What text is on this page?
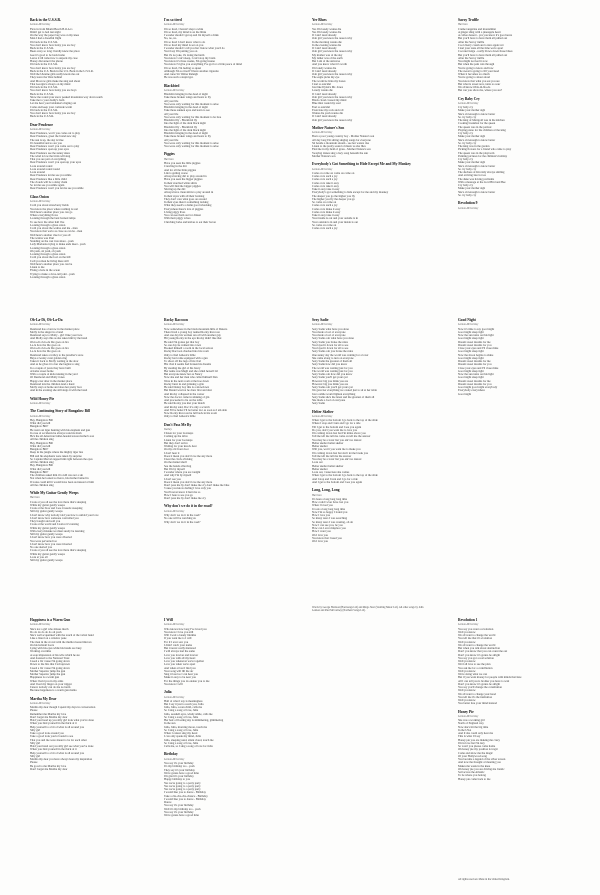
Back in the U.S.S.R.
Lennon-McCartney
Flew in from Miami Beach B.O.A.C.
Didn't get to bed last night
On the way the paper bag was on my knee
Man I had a dreadful flight
I'm back in the U.S.S.R.
You don't know how lucky you are boy
Back in the U.S.S.R.
Been away so long I hardly knew the place
Gee it's good to be back home
Leave it till tomorrow to unpack my case
Honey disconnect the phone
I'm back in the U.S.S.R.
You don't know how lucky you are boy
Back in the U.S. Back in the U.S. Back in the U.S.S.R.
Well the Ukraine girls really knock me out
They leave the West behind
And Moscow girls make me sing and shout
That Georgia's always on my mind
I'm back in the U.S.S.R.
You don't know how lucky you are boys
Back in the U.S.S.R.
Show me round your snow peaked mountains way down south
Take me to your daddy's farm
Let me hear your balalaika's ringing out
Come and keep your comrade warm
I'm back in the U.S.S.R.
You don't know how lucky you are boy
Back in the U.S.S.R.
Dear Prudence
Lennon-McCartney
Dear Prudence, won't you come out to play
Dear Prudence, greet the brand new day
The sun is up, the sky is blue
It's beautiful and so are you
Dear Prudence won't you come out to play
Dear Prudence open up your eyes
Dear Prudence see the sunny skies
The wind is low the birds will sing
That you are part of everything
Dear Prudence won't you open up your eyes
Look around round
Look around round round
Look around
Dear Prudence let me see you smile
Dear Prudence like a little child
The clouds will be a daisy chain
So let me see you smile again
Dear Prudence won't you let me see you smile
Glass Onion
Lennon-McCartney
I told you about strawberry fields
You know the place where nothing is real
Well here's another place you can go
Where everything flows
Looking through the bent backed tulips
To see how the other half live
Looking through a glass onion
I told you about the walrus and me - man
You know that we're as close as can be - man
Well here's another clue for you all
The walrus was Paul
Standing on the cast iron shore - yeah
Lady Madonna trying to make ends meet - yeah
Looking through a glass onion
Oh yeah, oh yeah, oh yeah
Looking through a glass onion
I told you about the fool on the hill
I tell you man he living there still
Well here's another place you can be
Listen to me
Fixing a hole in the ocean
Trying to make a dove-tail joint - yeah
Looking through a glass onion
I'm so tired
Lennon-McCartney
I'm so tired, I haven't slept a wink
I'm so tired, my mind is on the blink
I wonder should I get up and fix myself a drink
No, no, no.
I'm so tired I don't know what to do
I'm so tired my mind is set on you
I wonder should I call you but I know what you'd do
You'd say I'm putting you on
But it's no joke, it's doing me harm
You know I can't sleep, I can't stop my brain
You know it's three weeks, I'm going insane
You know I'd give you everything I've got for a little peace of mind
I'm so tired, I'm feeling so upset
Although I'm so tired I'll have another cigarette
And curse Sir Walter Raleigh
He was such a stupid get.
Blackbird
Lennon-McCartney
Blackbird singing in the dead of night
Take these broken wings and learn to fly
All your life
You were only waiting for this moment to arise
Blackbird singing in the dead of night
Take these sunken eyes and learn to see
All your life
You were only waiting for this moment to be free
Blackbird fly - Blackbird fly
Into the light of the dark black night
Blackbird fly - Blackbird fly
Into the light of the dark black night
Blackbird singing in the dead of night
Take these broken wings and learn to fly
All your life
You were only waiting for this moment to arise
You were only waiting for this moment to arise
Piggies
Harrison
Have you seen the little piggies
Crawling in the dirt
And for all the little piggies
Life is getting worse
Always having dirt to play around in
Have you seen the bigger piggies
In their starched white shirts
You will find the bigger piggies
Stirring up the dirt
Always have clean shirts to play around in
In their styes with all their backing
They don't care what goes on around
In their eyes there's something lacking
What they need's a damn good whacking
Everywhere there's lots of piggies
Living piggy lives
You can see them out for dinner
With their piggy wives
Clutching forks and knives to eat their bacon
Yer Blues
Lennon-McCartney
Yes I'm lonely wanna die
Yes I'm lonely wanna die
If I ain't dead already
Ooh girl you know the reason why
In the morning wanna die
In the evening wanna die
If I ain't dead already
Ooh girl you know the reason why
My mother was of the sky
My father was of the earth
But I am of the universe
And you know what it's worth
I'm lonely wanna die
If I ain't dead already
Ooh girl you know the reason why
The eagle picks my eye
The worm he licks my bones
I feel so suicidal
Just like Dylan's Mr. Jones
Lonely wanna die
If I ain't dead already
Ooh girl you know the reason why
Black cloud crossed my mind
Blue mist round my soul
Feel so suicidal
Even hate my rock and roll
Wanna die yeah wanna die
If I ain't dead already
Ooh girl you know the reason why
Mother Nature's Son
Lennon-McCartney
Born a poor young country boy - Mother Nature's son
All day long I'm sitting singing songs for everyone
Sit beside a mountain stream - see her waters rise
Listen to the pretty sound of music as she flies
Find me in my field of grass - Mother Nature's son
Swaying daises sing a lazy song beneath the sun
Mother Nature's son
Everybody's Got Something to Hide Except Me and My Monkey
Lennon-McCartney
Come on come on come on come on
Come on is such a joy
Come on is such a joy
Come on is take it easy
Come on is take it easy
Take it easy take it easy
Everybody's got something to hide except for me and my monkey
The deeper you go the higher you fly
The higher you fly the deeper you go
So come on come on
Come on is such a joy
Come on is make it easy
Come on is make it easy
Take it easy take it easy
Your inside is out and your outside is in
Your outside is in and your inside is out
So come on come on
Come on is such a joy
Savoy Truffle
Harrison
Creme tangerine and montelimat
A ginger sling with a pineapple heart
A coffee dessert - yes you know it's good news
But you'll have to have them all pulled out
After the Savoy truffle
Cool cherry cream and a nice apple tart
I feel your taste all the time we're apart
Coconut fudge - really blows down those blues
But you'll have to have them all pulled out
After the Savoy truffle
You might not feel it now
But when the pain cuts through
You're going to know and how
The sweat is going to fill your head
When it becomes too much
You're going to shout aloud
You know that what you eat you are
But what is sweet now, turns so sour
We all know Obla-di-bla-da
But can you show me, where you are?
Cry Baby Cry
Lennon-McCartney
Cry baby cry
Make your mother sigh
She's old enough to know better
So cry baby cry
The king of Marigold was in the kitchen
Cooking breakfast for the queen
The queen was in the parlour
Playing piano for the children of the king
Cry baby cry
Make your mother sigh
She's old enough to know better
So cry baby cry
The king was in the garden
Picking flowers for a friend who came to play
The queen was in the playroom
Painting pictures for the children's holiday
Cry baby cry
Make your mother sigh
She's old enough to know better
So cry baby cry
The duchess of Kircaldy always smiling
And arriving late for tea
The duke was having problems
With a message at the local Bird and Bee
Cry baby cry
Make your mother sigh
She's old enough to know better
So cry baby cry
Revolution 9
Lennon-McCartney
Ob-La-Di, Ob-La-Da
Lennon-McCartney
Desmond has a barrow in the market place
Molly is the singer in a band
Desmond says to Molly - girl I like your face
And Molly says this as she takes him by the hand
Ob-la-di ob-la-da life goes on bra
La-la how the life goes on
Ob-la-di ob-la-da life goes on bra
La-la how the life goes on
Desmond takes a trolley to the jeweller's store
Buys a twenty carat golden ring
Takes it back to Molly waiting at the door
And as he gives it to her she begins to sing
In a couple of years they have built
A home sweet home
With a couple of kids running in the yard
Of Desmond and Molly Jones
Happy ever after in the market place
Desmond lets the children lend a hand
Molly stays at home and does her pretty face
And in the evening she still sings it with the band
Wild Honey Pie
Lennon-McCartney
The Continuing Story of Bungalow Bill
Lennon-McCartney
Hey, Bungalow Bill
What did you kill
Bungalow Bill?
He went out tiger hunting with his elephant and gun
In case of accidents he always took his mom
He's the all American bullet-headed saxon mother's son
All the children sing
Hey, Bungalow Bill
What did you kill
Bungalow Bill?
Deep in the jungle where the mighty tiger lies
Bill and his elephants were taken by surprise
So Captain Marvel zapped him right between the eyes
All the children sing
Hey, Bungalow Bill
What did you kill
Bungalow Bill?
The children asked him if to kill was not a sin
Not when he looked so fierce, his mother butted in
If looks could kill it would have been us instead of him
All the children sing
While My Guitar Gently Weeps
Harrison
I look at you all see the love there that's sleeping
While my guitar gently weeps
I look at the floor and I see it needs sweeping
Still my guitar gently weeps
I don't know why nobody told you how to unfold your love
I don't know how someone controlled you
They bought and sold you
I look at the world and I notice it's turning
While my guitar gently weeps
With every mistake we must surely be learning
Still my guitar gently weeps
I don't know how you were diverted
You were perverted too
I don't know how you were inverted
No one alerted you
I look at you all see the love there that's sleeping
While my guitar gently weeps
Look at you all
Still my guitar gently weeps
Rocky Raccoon
Lennon-McCartney
Now somewhere in the black mountain hills of Dakota
There lived a young boy named Rocky Raccoon
And one day his woman ran off with another guy
Hit young Rocky in the eye Rocky didn't like that
He said I'm gonna get that boy
So one day he walked into town
Booked himself a room in the local saloon
Rocky Raccoon checked into his room
Only to find Gideon's bible
Rocky had come equipped with a gun
To shoot off the legs of his rival
His rival it seems had broken his dreams
By stealing the girl of his fancy
Her name was Magil and she called herself Lil
But everyone knew her as Nancy
Now she and her man who called himself Dan
Were in the next room at the hoe down
Rocky burst in and grinning a grin
He said Danny boy this is a showdown
But Daniel was hot he drew first and shot
And Rocky collapsed in the corner
Now the doctor came in stinking of gin
And proceeded to lie on the table
He said Rocky you met your match
And Rocky said, Doc it's only a scratch
And I'll be better I'll be better doc as soon as I am able
Now Rocky Raccoon he fell back in his room
Only to find Gideon's bible
Don't Pass Me By
Starkey
I listen for your footsteps
Coming up the drive
Listen for your footsteps
But they don't arrive
Waiting for your knock dear
On my old front door
I don't hear it
Does it mean you don't love me any more
I hear the clock a'ticking
On the mantel shelf
See the hands a'moving
But I'm by myself
I wonder where you are tonight
And why I'm by myself
I don't see you
Does it mean you don't love me any more
Don't pass me by don't make me cry don't make me blue
'Cause you know darling I love only you
You'll never know it hurt me so
How I hate to see you go
Don't pass me by don't make me cry
Why don't we do it in the road?
Lennon-McCartney
Why don't we do it in the road?
No one will be watching us
Why don't we do it in the road?
Sexy Sadie
Lennon-McCartney
Sexy Sadie what have you done
You made a fool of everyone
You made a fool of everyone
Sexy Sadie ooh what have you done
Sexy Sadie you broke the rules
You layed it down for all to see
You layed it down for all to see
Sexy Sadie ooh you broke the rules
One sunny day the world was waiting for a lover
She came along to turn on everyone
Sexy Sadie the greatest of them all
Sexy Sadie how did you know
The world was waiting just for you
The world was waiting just for you
Sexy Sadie ooh how did you know
Sexy Sadie you'll get yours yet
However big you think you are
However big you think you are
Sexy Sadie ooh you'll get yours yet
We gave her everything we owned just to sit at her table
Just a smile would lighten everything
Sexy Sadie she's the latest and the greatest of them all
She made a fool of everyone
Sexy Sadie
Helter Skelter
Lennon-McCartney
When I get to the bottom I go back to the top of the slide
Where I stop and I turn and I go for a ride
Till I get to the bottom and I see you again
Do you, don't you want me to love you
I'm coming down fast but I'm miles above you
Tell me tell me tell me come on tell me the answer
You may be a lover but you ain't no dancer
Helter skelter helter skelter
Helter skelter
Will you, won't you want me to make you
I'm coming down fast but don't let me break you
Tell me tell me tell me the answer
You may be a lover but you ain't no dancer
Look out
Helter skelter helter skelter
Helter skelter
Look out, 'cause here she comes
When I get to the bottom I go back to the top of the slide
And I stop and I turn and I go for a ride
And I get to the bottom and I see you again
Long, Long, Long
Harrison
It's been a long long long time
How could I ever have lost you
When I loved you
It took a long long long time
Now I'm so happy I found you
How I love you
So many tears I was searching
So many tears I was wasting, oh oh
Now I can see you, be you
How can I ever misplace you
How I want you
Oh I love you
You know that I need you
Oh I love you
Good Night
Lennon-McCartney
Now it's time to say good night
Good night sleep tight
Now the sun turns out his light
Good night sleep tight
Dream sweet dreams for me
Dream sweet dreams for you
Close your eyes and I'll close mine
Good night sleep tight
Now the moon begins to shine
Good night sleep tight
Dream sweet dreams for me
Dream sweet dreams for you
Close your eyes and I'll close mine
Good night sleep tight
Now the sun turns out his light
Good night sleep tight
Dream sweet dreams for me
Dream sweet dreams for you
Good night good night everybody
Everybody everywhere
Good night
Happiness is a Warm Gun
Lennon-McCartney
She's not a girl who misses much
Do do do do do do oh yeah
She's well acquainted with the touch of the velvet hand
Like a lizard on a window pane
The man in the crowd with the multicoloured mirrors
On his hobnail boots
Lying with his eyes while his hands are busy
Working overtime
A soap impression of his wife which he ate
And donated to the National Trust
I need a fix 'cause I'm going down
Down to the bits that I left uptown
I need a fix 'cause I'm going down
Mother Superior jump the gun
Mother Superior jump the gun
Happiness is a warm gun
When I hold you in my arms
And I feel my finger on your trigger
I know nobody can do me no harm
Because happiness is a warm gun mama
Martha My Dear
Lennon-McCartney
Martha my dear though I spend my days in conversation
Please
Remember me Martha my love
Don't forget me Martha my dear
Hold your head up you silly girl look what you've done
When you find yourself in the thick of it
Help yourself to a bit of what is all around you
Silly girl
Take a good look around you
Take a good look you're bound to see
That you and me were meant to be for each other
Silly girl
Hold your hand out you silly girl see what you've done
When you find yourself in the thick of it
Help yourself to a bit of what is all around you
Silly girl
Martha my dear you have always been my inspiration
Please
Be good to me Martha my love
Don't forget me Martha my dear
I Will
Lennon-McCartney
Who knows how long I've loved you
You know I love you still
Will I wait a lonely lifetime
If you want me to I will
For if I ever saw you
I didn't catch your name
But it never really mattered
I will always feel the same
Love you forever and forever
Love you with all my heart
Love you whenever we're together
Love you when we're apart
And when at last I find you
Your song will fill the air
Sing it loud so I can hear you
Make it easy to be near you
For the things you do endear you to me
You know I will
Julia
Lennon-McCartney
Half of what I say is meaningless
But I say it just to reach you, Julia
Julia, Julia, ocean child, calls me
So I sing a song of love, Julia
Julia, seashell eyes, windy smile, calls me
So I sing a song of love, Julia
Her hair of floating sky is shimmering, glimmering
In the sun
Julia, Julia, morning moon, touch me
So I sing a song of love, Julia
When I cannot sing my heart
I can only speak my mind, Julia
Julia, sleeping sand, silent cloud, touch me
So I sing a song of love, Julia
Calls me, so I sing a song of love for Julia
Birthday
Lennon-McCartney
You say it's your birthday
It's my birthday too - yeah
They say it's your birthday
We're gonna have a good time
I'm glad it's your birthday
Happy birthday to you
Yes we're going to a party party
Yes we're going to a party party
Yes we're going to a party party
I would like you to dance - Birthday
Take a cha-cha-cha-chance - Birthday
I would like you to dance - Birthday
Dance
You say it's your birthday
Well it's my birthday too - yeah
You say it's your birthday
We're gonna have a good time
Revolution 1
Lennon-McCartney
You say you want a revolution
Well you know
We all want to change the world
You tell me that it's evolution
Well you know
We all want to change the world
But when you talk about destruction
Don't you know that you can count me out
Don't you know it's gonna be alright
You say you got a real solution
Well you know
We'd all love to see the plan
You ask me for a contribution
Well you know
We're doing what we can
But if you want money for people with minds that hate
All I can tell you is brother you have to wait
Don't you know it's gonna be alright
You say you'll change the constitution
Well you know
We all want to change your head
You tell me it's the institution
Well you know
You better free your mind instead
Honey Pie
Lennon-McCartney
She was a working girl
North of England way
Now she's hit the big time
In the USA
And if she could only hear me
This is what I'd say
Honey pie you are making me crazy
I'm in love but I'm lazy
So won't you please come home
Oh honey pie my position is tragic
Come and show me the magic
Of your Hollywood song
You became a legend of the silver screen
And now the thought of meeting you
Makes me weak in the knee
Oh honey pie you are driving me frantic
Sail across the Atlantic
To be where you belong
Honey pie come back to me
Words by George Harrison (Harrisongs Ltd) and Ringo Starr (Startling Music Ltd). All other songs by John Lennon and Paul McCartney (Northern Songs Ltd).
All rights reserved. Made in the United Kingdom.
